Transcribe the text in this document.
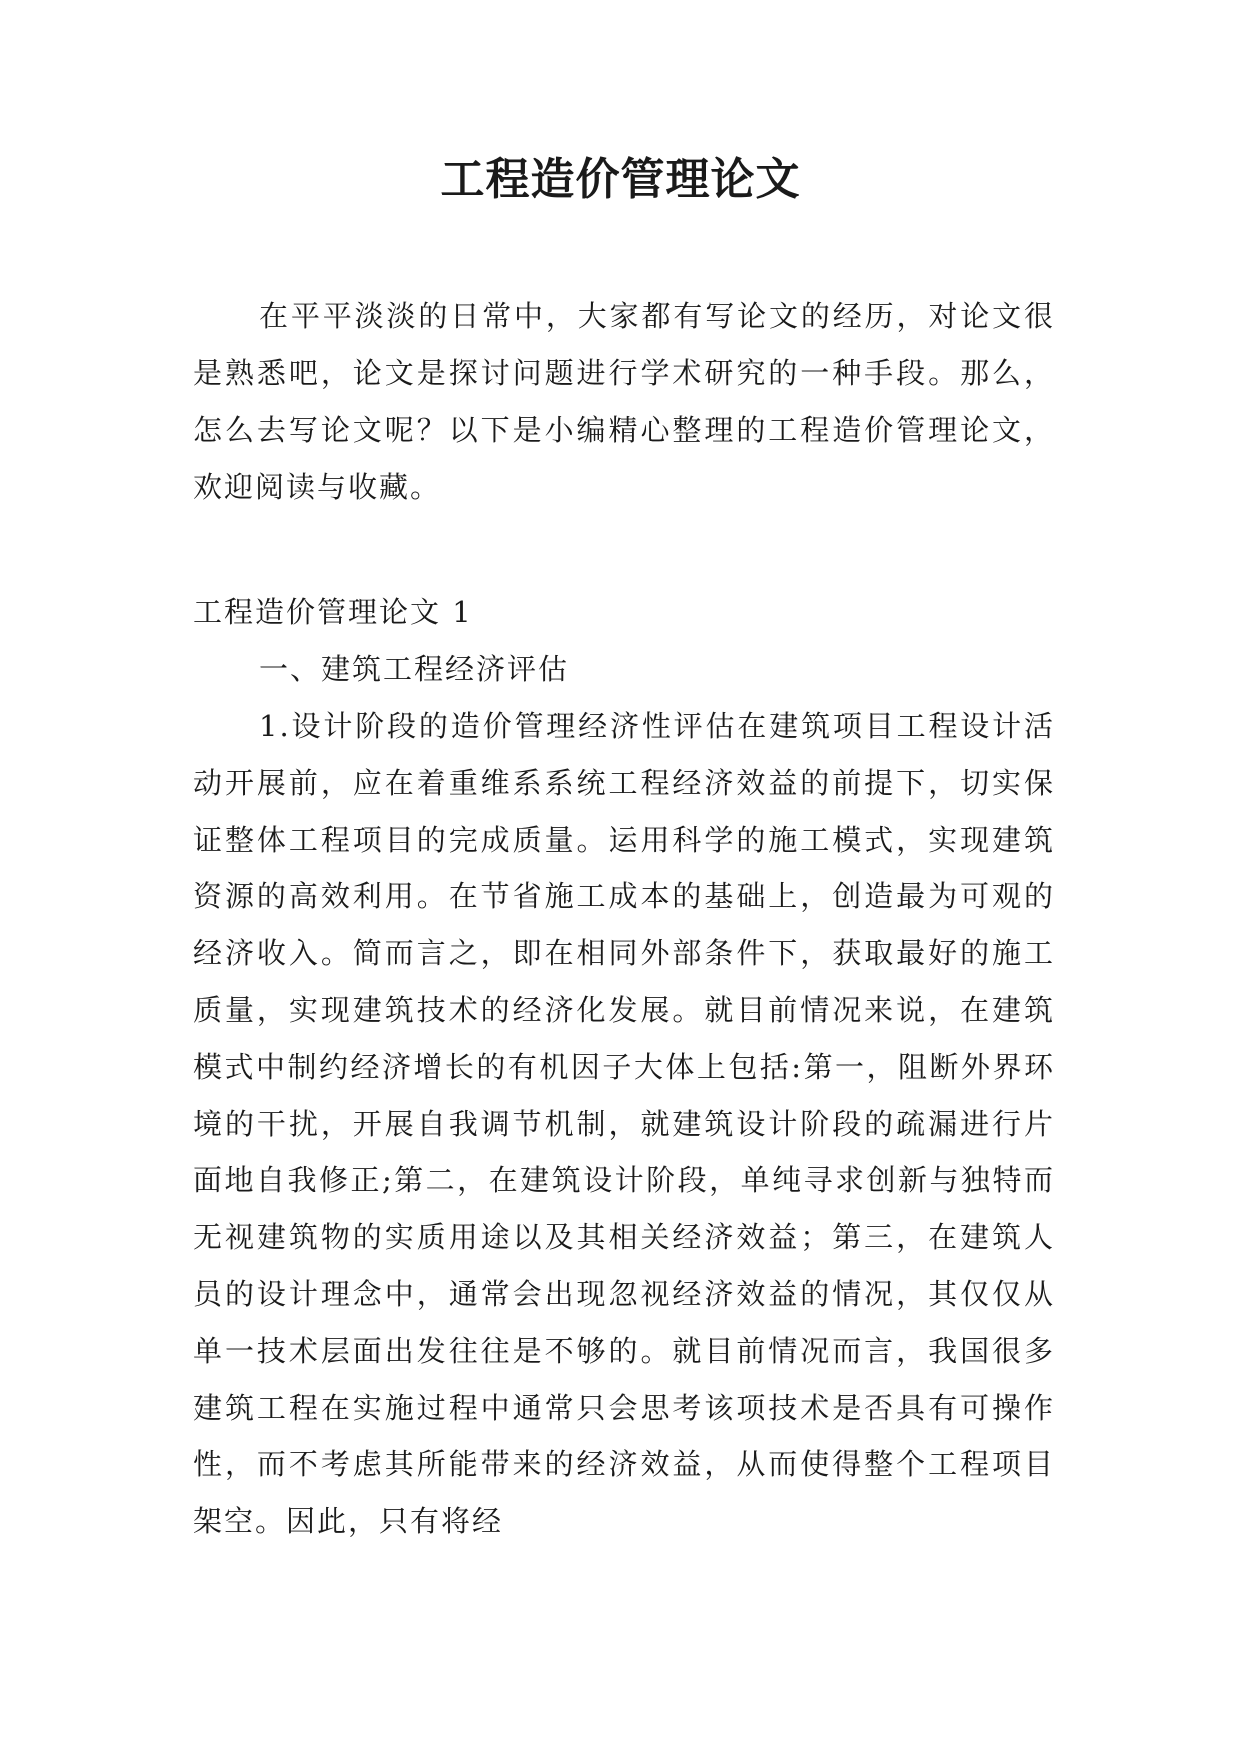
工程造价管理论文

在平平淡淡的日常中，大家都有写论文的经历，对论文很是熟悉吧，论文是探讨问题进行学术研究的一种手段。那么，怎么去写论文呢？以下是小编精心整理的工程造价管理论文，欢迎阅读与收藏。

工程造价管理论文 1

一、建筑工程经济评估

1.设计阶段的造价管理经济性评估在建筑项目工程设计活动开展前，应在着重维系系统工程经济效益的前提下，切实保证整体工程项目的完成质量。运用科学的施工模式，实现建筑资源的高效利用。在节省施工成本的基础上，创造最为可观的经济收入。简而言之，即在相同外部条件下，获取最好的施工质量，实现建筑技术的经济化发展。就目前情况来说，在建筑模式中制约经济增长的有机因子大体上包括:第一，阻断外界环境的干扰，开展自我调节机制，就建筑设计阶段的疏漏进行片面地自我修正;第二，在建筑设计阶段，单纯寻求创新与独特而无视建筑物的实质用途以及其相关经济效益；第三，在建筑人员的设计理念中，通常会出现忽视经济效益的情况，其仅仅从单一技术层面出发往往是不够的。就目前情况而言，我国很多建筑工程在实施过程中通常只会思考该项技术是否具有可操作性，而不考虑其所能带来的经济效益，从而使得整个工程项目架空。因此，只有将经
